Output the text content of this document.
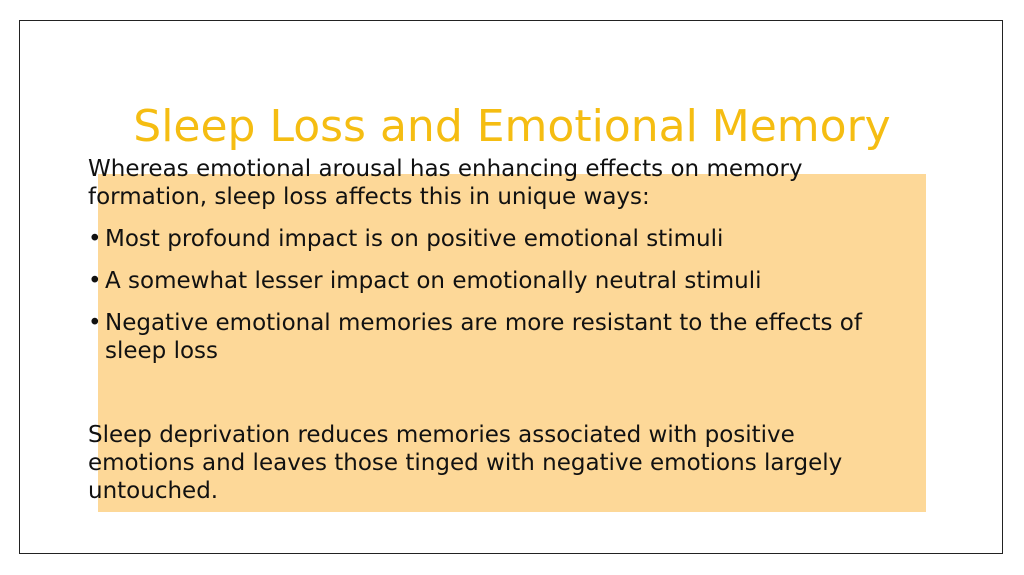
Sleep Loss and Emotional Memory

Whereas emotional arousal has enhancing effects on memory formation, sleep loss affects this in unique ways:

• Most profound impact is on positive emotional stimuli
• A somewhat lesser impact on emotionally neutral stimuli
• Negative emotional memories are more resistant to the effects of sleep loss

Sleep deprivation reduces memories associated with positive emotions and leaves those tinged with negative emotions largely untouched.
